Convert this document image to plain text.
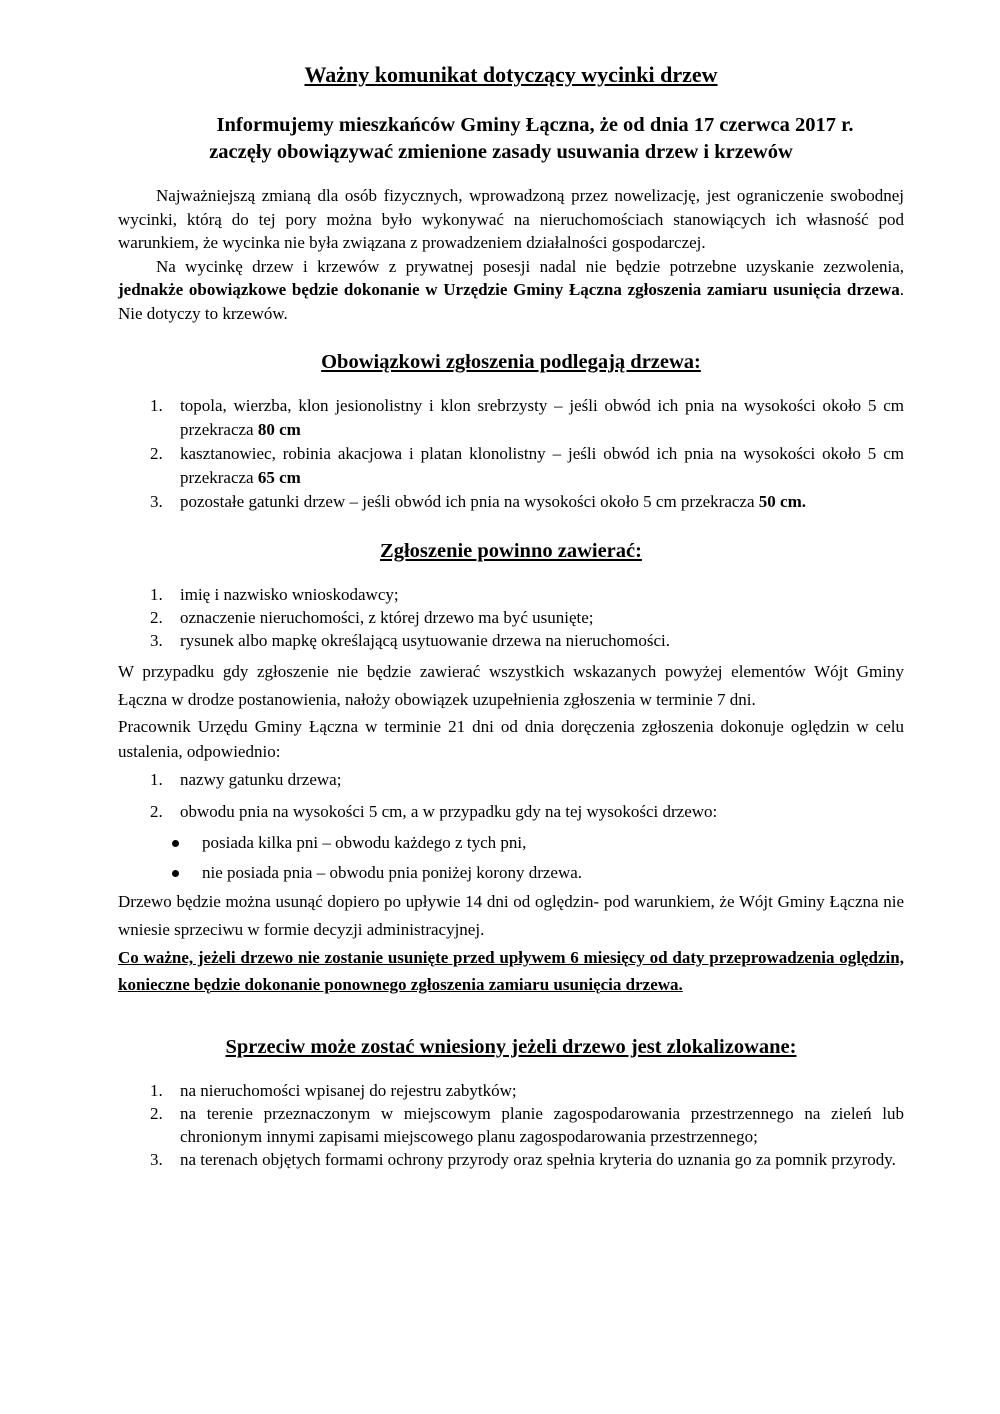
Ważny komunikat dotyczący wycinki drzew
Informujemy mieszkańców Gminy Łączna, że od dnia 17 czerwca 2017 r.
zaczęły obowiązywać zmienione zasady usuwania drzew i krzewów

Najważniejszą zmianą dla osób fizycznych, wprowadzoną przez nowelizację, jest ograniczenie swobodnej wycinki, którą do tej pory można było wykonywać na nieruchomościach stanowiących ich własność pod warunkiem, że wycinka nie była związana z prowadzeniem działalności gospodarczej.

Na wycinkę drzew i krzewów z prywatnej posesji nadal nie będzie potrzebne uzyskanie zezwolenia, jednakże obowiązkowe będzie dokonanie w Urzędzie Gminy Łączna zgłoszenia zamiaru usunięcia drzewa. Nie dotyczy to krzewów.

Obowiązkowi zgłoszenia podlegają drzewa:
1. topola, wierzba, klon jesionolistny i klon srebrzysty – jeśli obwód ich pnia na wysokości około 5 cm przekracza 80 cm
2. kasztanowiec, robinia akacjowa i platan klonolistny – jeśli obwód ich pnia na wysokości około 5 cm przekracza 65 cm
3. pozostałe gatunki drzew – jeśli obwód ich pnia na wysokości około 5 cm przekracza 50 cm.
Zgłoszenie powinno zawierać:
1. imię i nazwisko wnioskodawcy;
2. oznaczenie nieruchomości, z której drzewo ma być usunięte;
3. rysunek albo mapkę określającą usytuowanie drzewa na nieruchomości.

W przypadku gdy zgłoszenie nie będzie zawierać wszystkich wskazanych powyżej elementów Wójt Gminy Łączna w drodze postanowienia, nałoży obowiązek uzupełnienia zgłoszenia w terminie 7 dni.

Pracownik Urzędu Gminy Łączna w terminie 21 dni od dnia doręczenia zgłoszenia dokonuje oględzin w celu ustalenia, odpowiednio:

1. nazwy gatunku drzewa;
2. obwodu pnia na wysokości 5 cm, a w przypadku gdy na tej wysokości drzewo:
posiada kilka pni – obwodu każdego z tych pni,
nie posiada pnia – obwodu pnia poniżej korony drzewa.

Drzewo będzie można usunąć dopiero po upływie 14 dni od oględzin- pod warunkiem, że Wójt Gminy Łączna nie wniesie sprzeciwu w formie decyzji administracyjnej.

Co ważne, jeżeli drzewo nie zostanie usunięte przed upływem 6 miesięcy od daty przeprowadzenia oględzin, konieczne będzie dokonanie ponownego zgłoszenia zamiaru usunięcia drzewa.

Sprzeciw może zostać wniesiony jeżeli drzewo jest zlokalizowane:
1. na nieruchomości wpisanej do rejestru zabytków;
2. na terenie przeznaczonym w miejscowym planie zagospodarowania przestrzennego na zieleń lub chronionym innymi zapisami miejscowego planu zagospodarowania przestrzennego;
3. na terenach objętych formami ochrony przyrody oraz spełnia kryteria do uznania go za pomnik przyrody.
